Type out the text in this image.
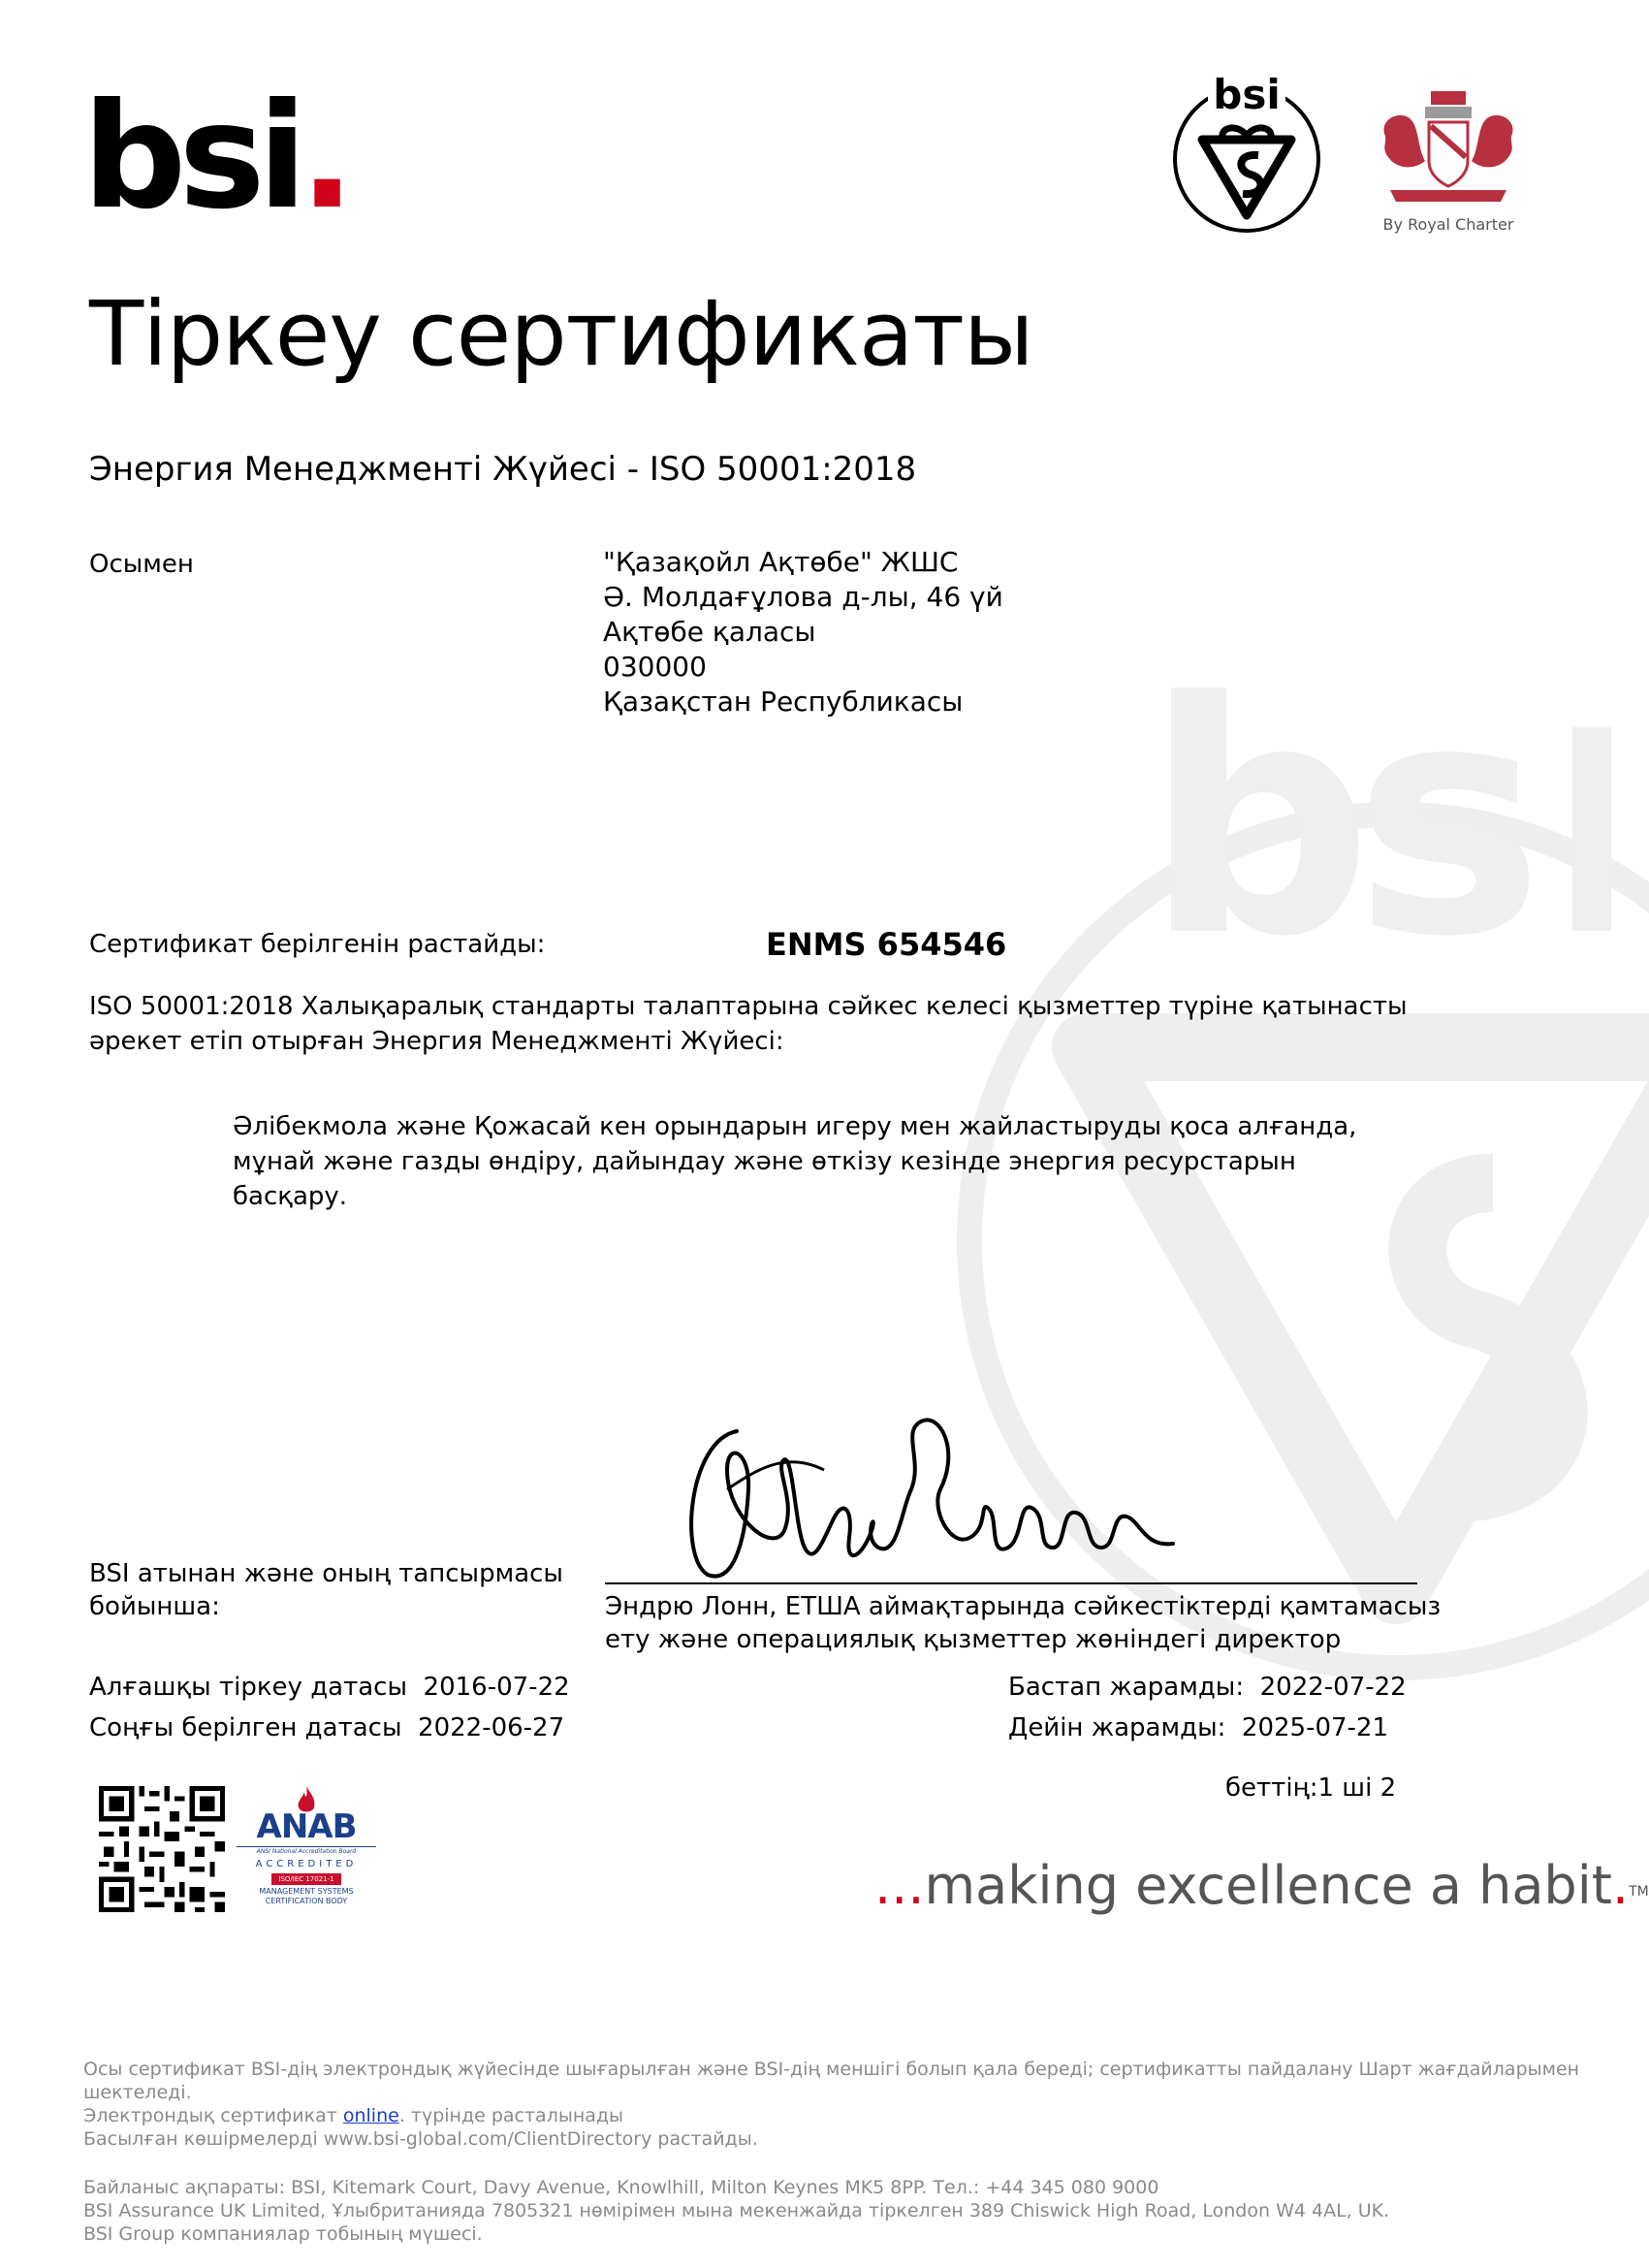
bs
bsi.	bsi
By Royal Charter
Тіркеу сертификаты
Энергия Менеджменті Жүйесі - ISO 50001:2018
Осымен	"Қазақойл Ақтөбе" ЖШС
Ә. Молдағұлова д-лы, 46 үй
Ақтөбе қаласы
030000
Қазақстан Республикасы
Сертификат берілгенін растайды:	ENMS 654546
ISO 50001:2018 Халықаралық стандарты талаптарына сәйкес келесі қызметтер түріне қатынасты әрекет етіп отырған Энергия Менеджменті Жүйесі:
Әлібекмола және Қожасай кен орындарын игеру мен жайластыруды қоса алғанда, мұнай және газды өндіру, дайындау және өткізу кезінде энергия ресурстарын басқару.
BSI атынан және оның тапсырмасы
бойынша:	Эндрю Лонн, ЕТША аймақтарында сәйкестіктерді қамтамасыз
ету және операциялық қызметтер жөніндегі директор
Алғашқы тіркеу датасы 2016-07-22
Соңғы берілген датасы 2022-06-27
Бастап жарамды: 2022-07-22
Дейін жарамды: 2025-07-21
беттің:1 ші 2
ANAB
ANSI National Accreditation Board
ACCREDITED
ISO/IEC 17021-1
MANAGEMENT SYSTEMS
CERTIFICATION BODY	...making excellence a habit.™
Осы сертификат BSI-дің электрондық жүйесінде шығарылған және BSI-дің меншігі болып қала береді; сертификатты пайдалану Шарт жағдайларымен
шектеледі.
Электрондық сертификат online. түрінде расталынады
Басылған көшірмелерді www.bsi-global.com/ClientDirectory растайды.
Байланыс ақпараты: BSI, Kitemark Court, Davy Avenue, Knowlhill, Milton Keynes MK5 8PP. Тел.: +44 345 080 9000
BSI Assurance UK Limited, Ұлыбританияда 7805321 нөмірімен мына мекенжайда тіркелген 389 Chiswick High Road, London W4 4AL, UK.
BSI Group компаниялар тобының мүшесі.
